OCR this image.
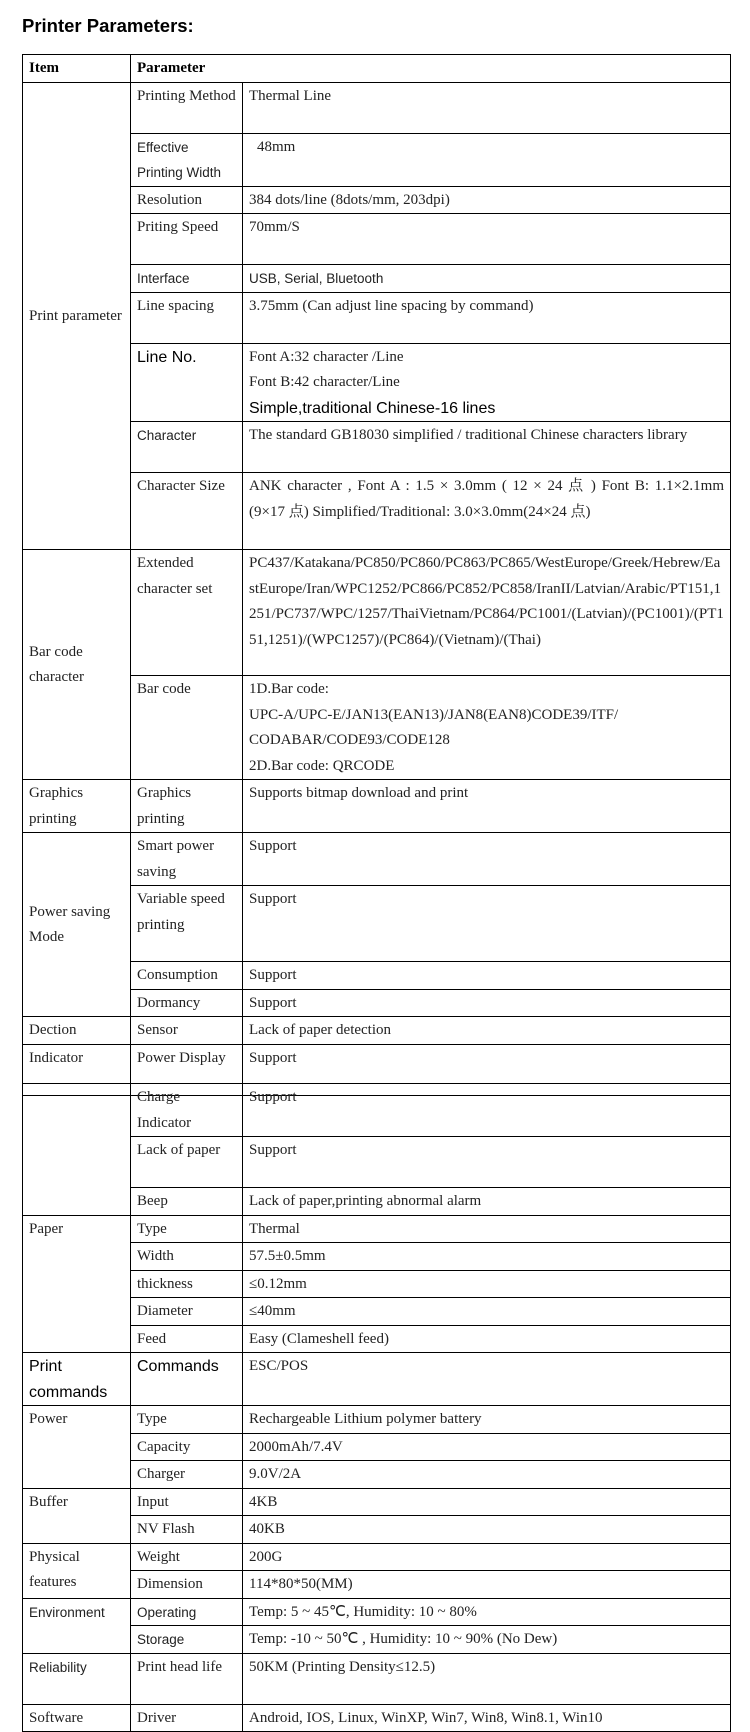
Printer Parameters:
Item	Parameter	
Print parameter	Printing Method	Thermal Line
	Effective Printing Width	48mm
	Resolution	384 dots/line (8dots/mm, 203dpi)
	Priting Speed	70mm/S
	Interface	USB, Serial, Bluetooth
	Line spacing	3.75mm (Can adjust line spacing by command)
	Line No.	Font A:32 character /Line
Font B:42 character/Line
Simple,traditional Chinese-16 lines

	Character	The standard GB18030 simplified / traditional Chinese characters library
	Character Size	ANK character , Font A : 1.5 × 3.0mm ( 12 × 24 点 ) Font B: 1.1×2.1mm (9×17 点) Simplified/Traditional: 3.0×3.0mm(24×24 点)
Bar code character	Extended character set	PC437/Katakana/PC850/PC860/PC863/PC865/WestEurope/Greek/Hebrew/EastEurope/Iran/WPC1252/PC866/PC852/PC858/IranII/Latvian/Arabic/PT151,1251/PC737/WPC/1257/ThaiVietnam/PC864/PC1001/(Latvian)/(PC1001)/(PT151,1251)/(WPC1257)/(PC864)/(Vietnam)/(Thai)
	Bar code	1D.Bar code:
UPC-A/UPC-E/JAN13(EAN13)/JAN8(EAN8)CODE39/ITF/
CODABAR/CODE93/CODE128
2D.Bar code: QRCODE

Graphics printing	Graphics printing	Supports bitmap download and print
Power saving Mode	Smart power saving	Support
	Variable speed printing	Support
	Consumption	Support
	Dormancy	Support
Dection	Sensor	Lack of paper detection
Indicator	Power Display	Support
	Charge Indicator	Support
	Lack of paper	Support
	Beep	Lack of paper,printing abnormal alarm
Paper	Type	Thermal
	Width	57.5±0.5mm
	thickness	≤0.12mm
	Diameter	≤40mm
	Feed	Easy (Clameshell feed)
Print commands	Commands	ESC/POS
Power	Type	Rechargeable Lithium polymer battery
	Capacity	2000mAh/7.4V
	Charger	9.0V/2A
Buffer	Input	4KB
	NV Flash	40KB
Physical features	Weight	200G
	Dimension	114*80*50(MM)
Environment	Operating	Temp: 5 ~ 45℃, Humidity: 10 ~ 80%
	Storage	Temp: -10 ~ 50℃ , Humidity: 10 ~ 90% (No Dew)
Reliability	Print head life	50KM (Printing Density≤12.5)
Software	Driver	Android, IOS, Linux, WinXP, Win7, Win8, Win8.1, Win10
